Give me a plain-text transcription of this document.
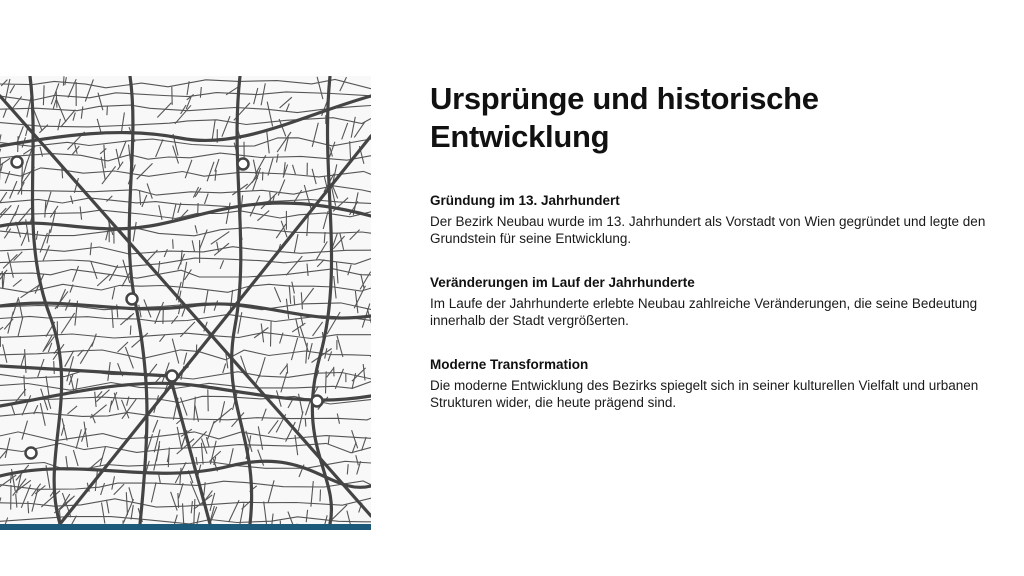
Ursprünge und historische Entwicklung
Gründung im 13. Jahrhundert

Der Bezirk Neubau wurde im 13. Jahrhundert als Vorstadt von Wien gegründet und legte den Grundstein für seine Entwicklung.

Veränderungen im Lauf der Jahrhunderte

Im Laufe der Jahrhunderte erlebte Neubau zahlreiche Veränderungen, die seine Bedeutung innerhalb der Stadt vergrößerten.

Moderne Transformation

Die moderne Entwicklung des Bezirks spiegelt sich in seiner kulturellen Vielfalt und urbanen Strukturen wider, die heute prägend sind.
